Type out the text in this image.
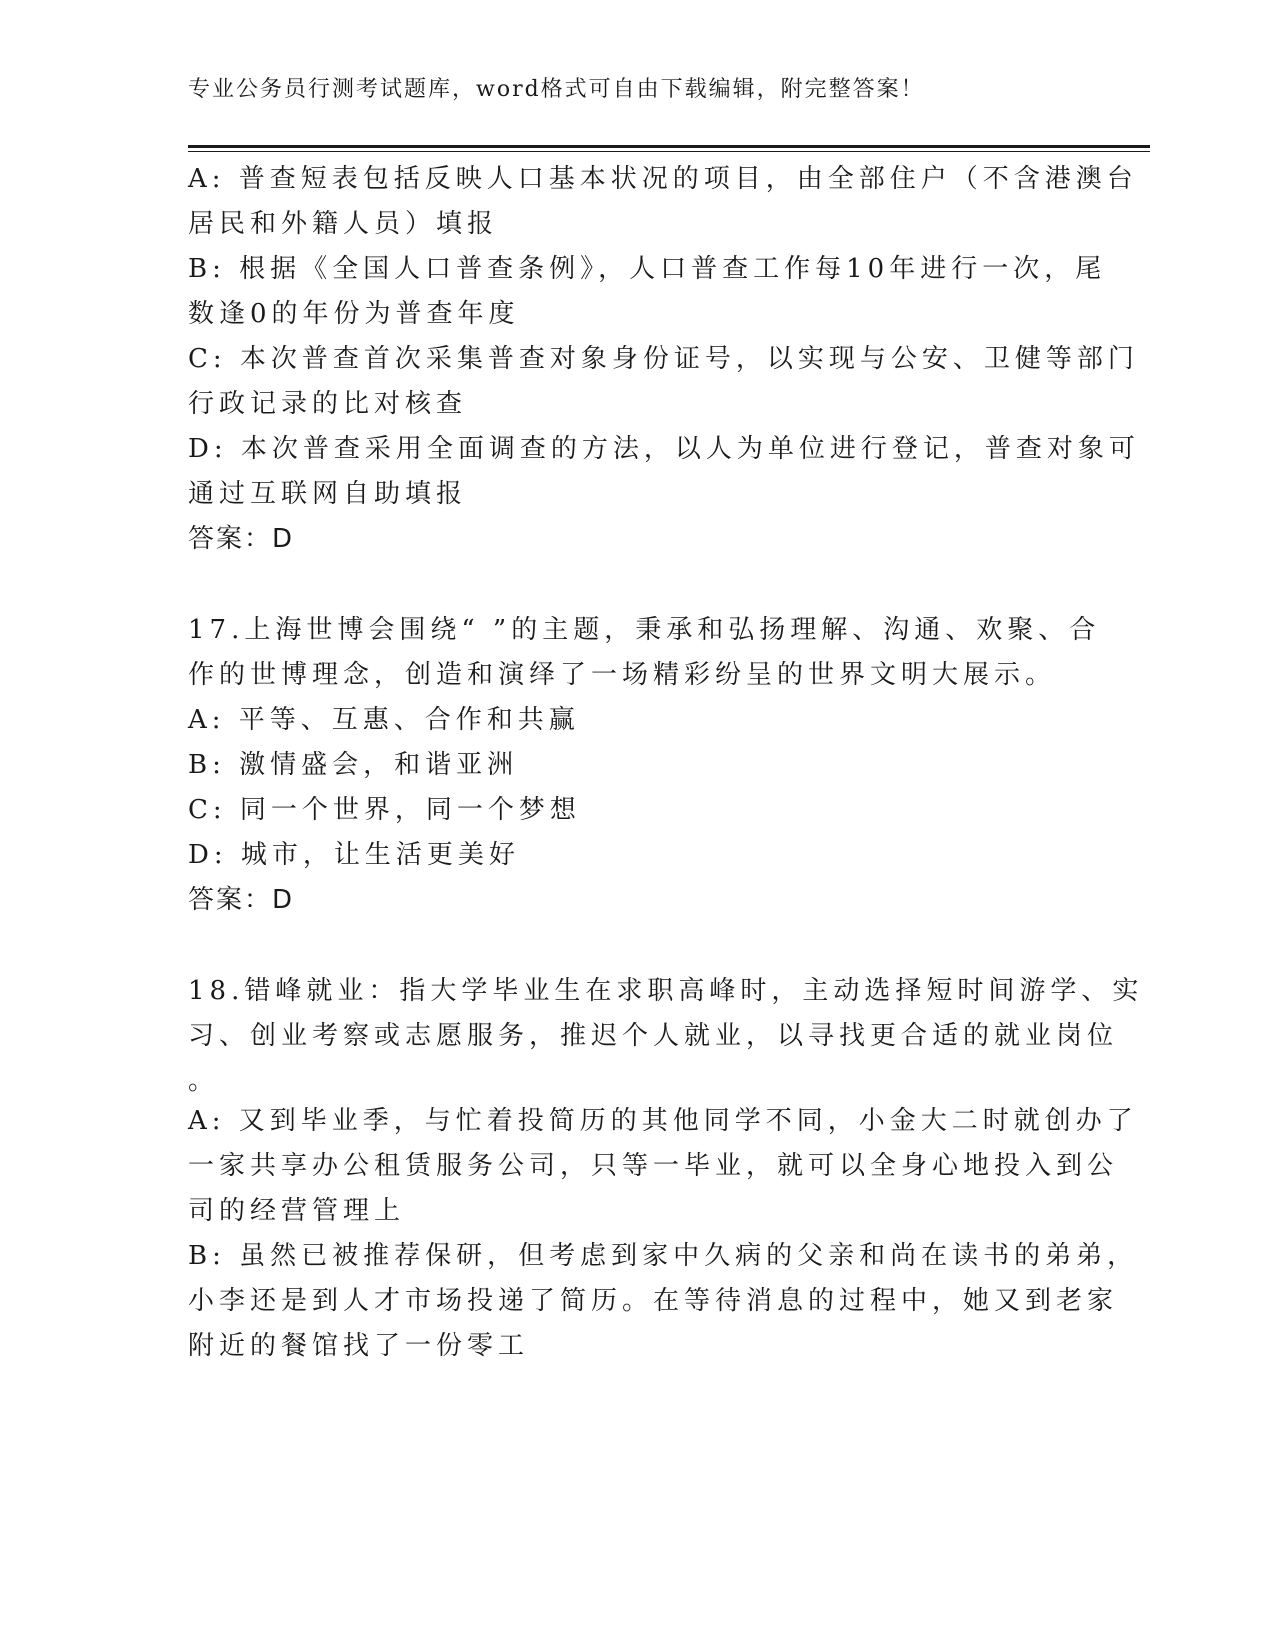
专业公务员行测考试题库，word格式可自由下载编辑，附完整答案！
A: 普查短表包括反映人口基本状况的项目，由全部住户（不含港澳台
居民和外籍人员）填报
B: 根据《全国人口普查条例》，人口普查工作每10年进行一次，尾
数逢0的年份为普查年度
C: 本次普查首次采集普查对象身份证号，以实现与公安、卫健等部门
行政记录的比对核查
D: 本次普查采用全面调查的方法，以人为单位进行登记，普查对象可
通过互联网自助填报
答案：D
17.上海世博会围绕“ ”的主题，秉承和弘扬理解、沟通、欢聚、合
作的世博理念，创造和演绎了一场精彩纷呈的世界文明大展示。
A: 平等、互惠、合作和共赢
B: 激情盛会，和谐亚洲
C: 同一个世界，同一个梦想
D: 城市，让生活更美好
答案：D
18.错峰就业：指大学毕业生在求职高峰时，主动选择短时间游学、实
习、创业考察或志愿服务，推迟个人就业，以寻找更合适的就业岗位
。
A: 又到毕业季，与忙着投简历的其他同学不同，小金大二时就创办了
一家共享办公租赁服务公司，只等一毕业，就可以全身心地投入到公
司的经营管理上
B: 虽然已被推荐保研，但考虑到家中久病的父亲和尚在读书的弟弟，
小李还是到人才市场投递了简历。在等待消息的过程中，她又到老家
附近的餐馆找了一份零工
